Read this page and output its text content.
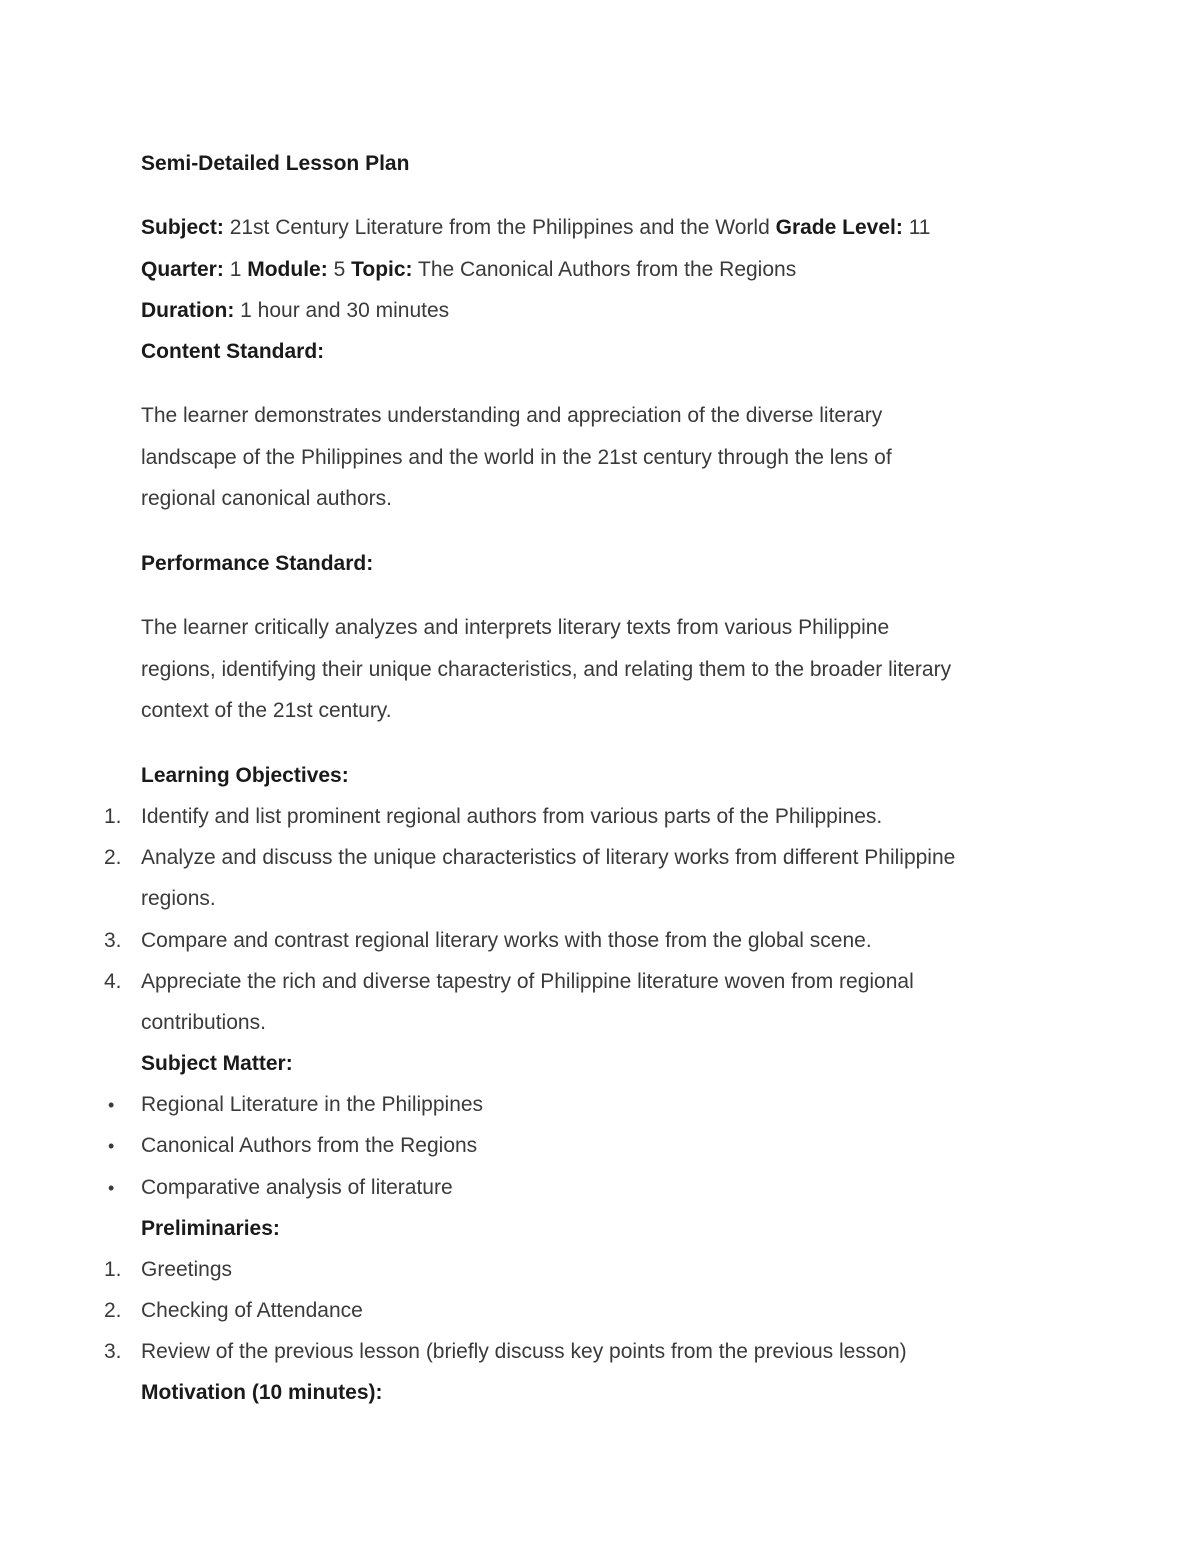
Semi-Detailed Lesson Plan
Subject: 21st Century Literature from the Philippines and the World Grade Level: 11
Quarter: 1 Module: 5 Topic: The Canonical Authors from the Regions
Duration: 1 hour and 30 minutes
Content Standard:
The learner demonstrates understanding and appreciation of the diverse literary
landscape of the Philippines and the world in the 21st century through the lens of
regional canonical authors.
Performance Standard:
The learner critically analyzes and interprets literary texts from various Philippine
regions, identifying their unique characteristics, and relating them to the broader literary
context of the 21st century.
Learning Objectives:
1. Identify and list prominent regional authors from various parts of the Philippines.
2. Analyze and discuss the unique characteristics of literary works from different Philippine
regions.
3. Compare and contrast regional literary works with those from the global scene.
4. Appreciate the rich and diverse tapestry of Philippine literature woven from regional
contributions.
Subject Matter:
• Regional Literature in the Philippines
• Canonical Authors from the Regions
• Comparative analysis of literature
Preliminaries:
1. Greetings
2. Checking of Attendance
3. Review of the previous lesson (briefly discuss key points from the previous lesson)
Motivation (10 minutes):
